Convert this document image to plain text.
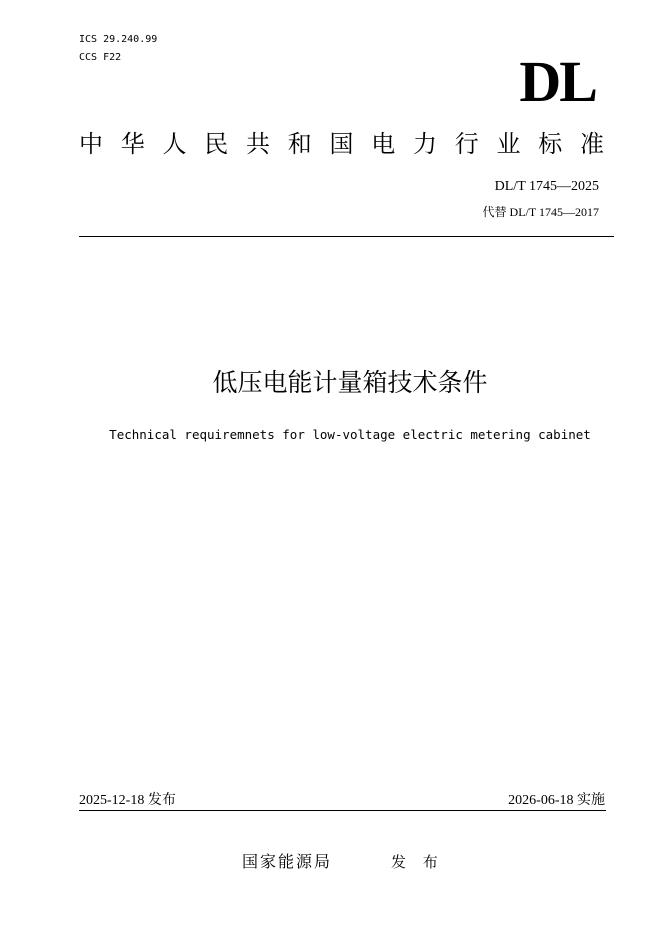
ICS 29.240.99
CCS F22	DL
中 华 人 民 共 和 国 电 力 行 业 标 准
DL/T 1745—2025
代替 DL/T 1745—2017
低压电能计量箱技术条件
Technical requiremnets for low-voltage electric metering cabinet
2025-12-18 发布	2026-06-18 实施
国家能源局	发 布
